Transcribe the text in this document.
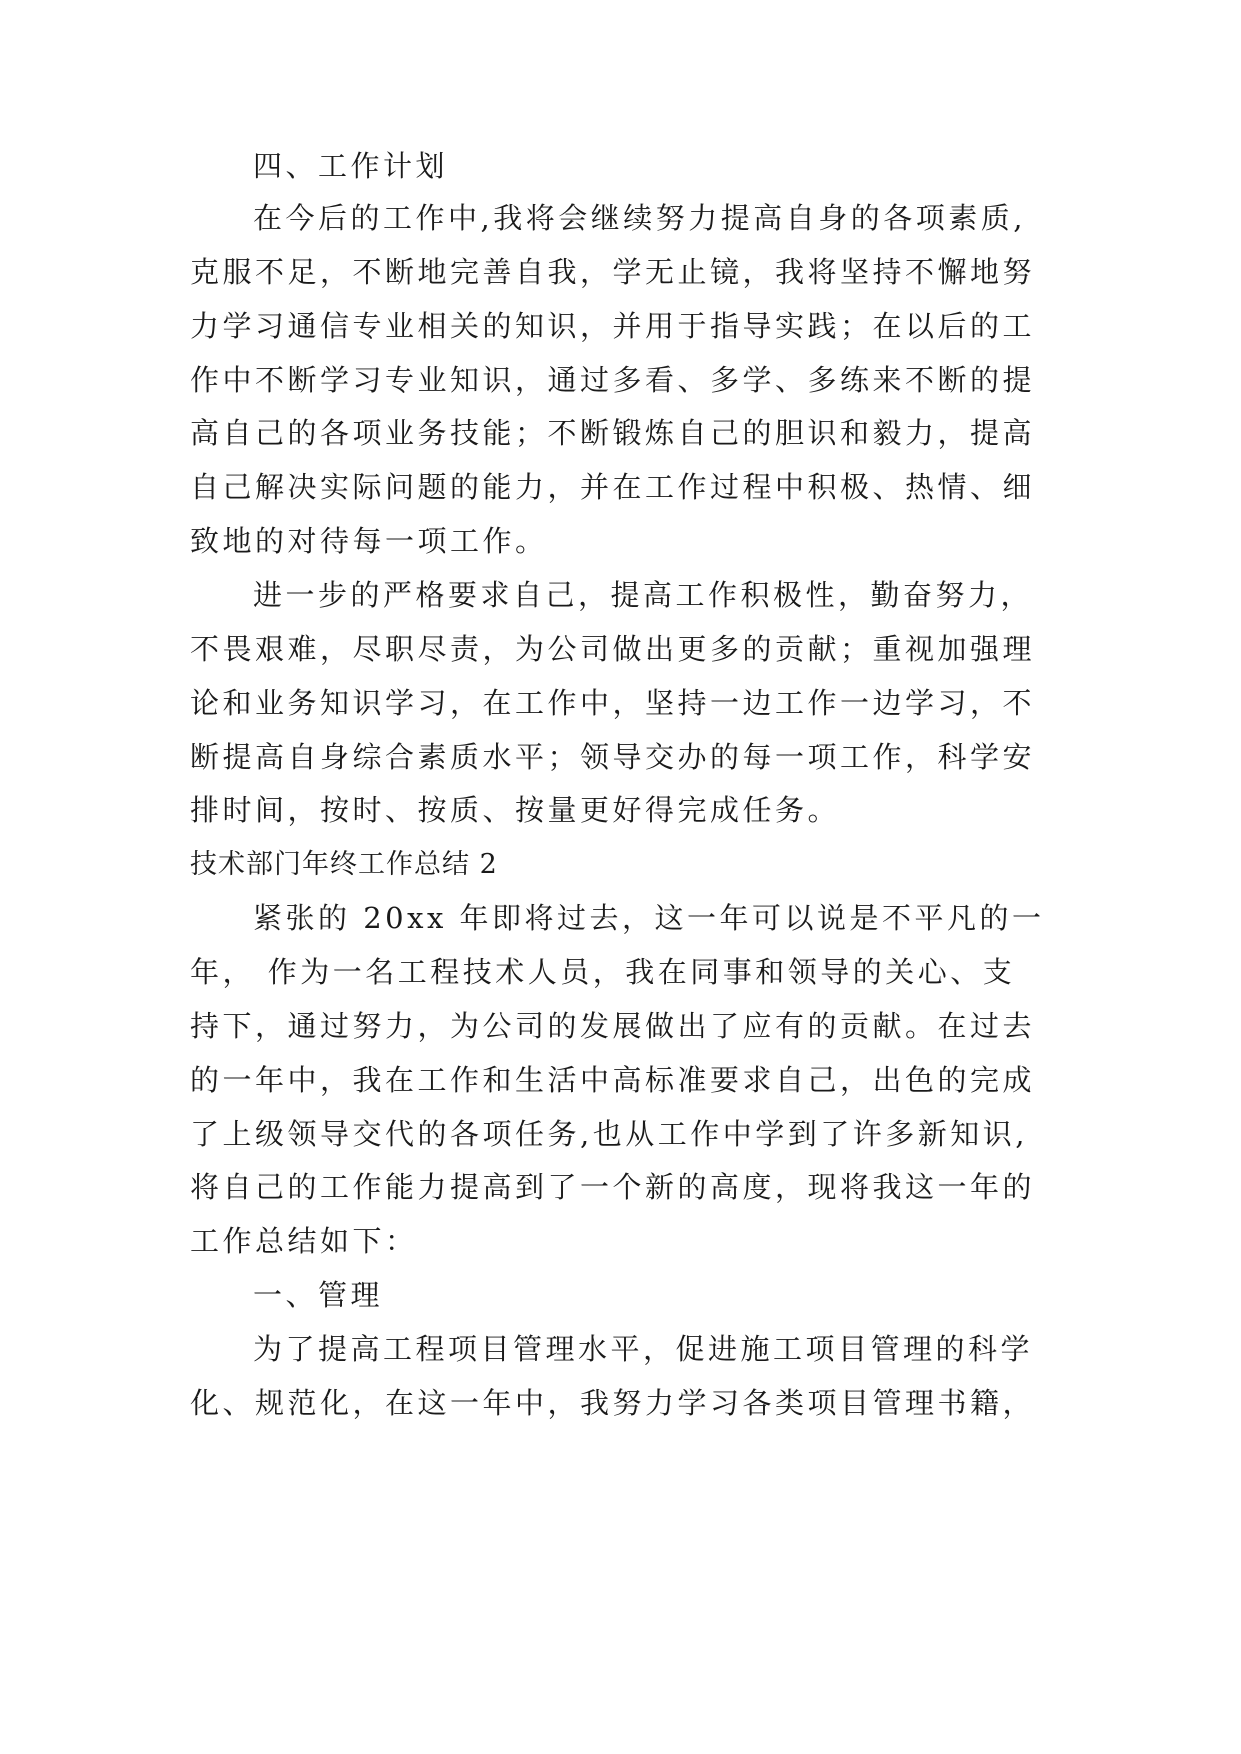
四、工作计划
在今后的工作中,我将会继续努力提高自身的各项素质,
克服不足，不断地完善自我，学无止镜，我将坚持不懈地努
力学习通信专业相关的知识，并用于指导实践；在以后的工
作中不断学习专业知识，通过多看、多学、多练来不断的提
高自己的各项业务技能；不断锻炼自己的胆识和毅力，提高
自己解决实际问题的能力，并在工作过程中积极、热情、细
致地的对待每一项工作。
进一步的严格要求自己，提高工作积极性，勤奋努力，
不畏艰难，尽职尽责，为公司做出更多的贡献；重视加强理
论和业务知识学习，在工作中，坚持一边工作一边学习，不
断提高自身综合素质水平；领导交办的每一项工作，科学安
排时间，按时、按质、按量更好得完成任务。
技术部门年终工作总结 2
紧张的 20xx 年即将过去，这一年可以说是不平凡的一
年， 作为一名工程技术人员，我在同事和领导的关心、支
持下，通过努力，为公司的发展做出了应有的贡献。在过去
的一年中，我在工作和生活中高标准要求自己，出色的完成
了上级领导交代的各项任务,也从工作中学到了许多新知识,
将自己的工作能力提高到了一个新的高度，现将我这一年的
工作总结如下：
一、管理
为了提高工程项目管理水平，促进施工项目管理的科学
化、规范化，在这一年中，我努力学习各类项目管理书籍，
